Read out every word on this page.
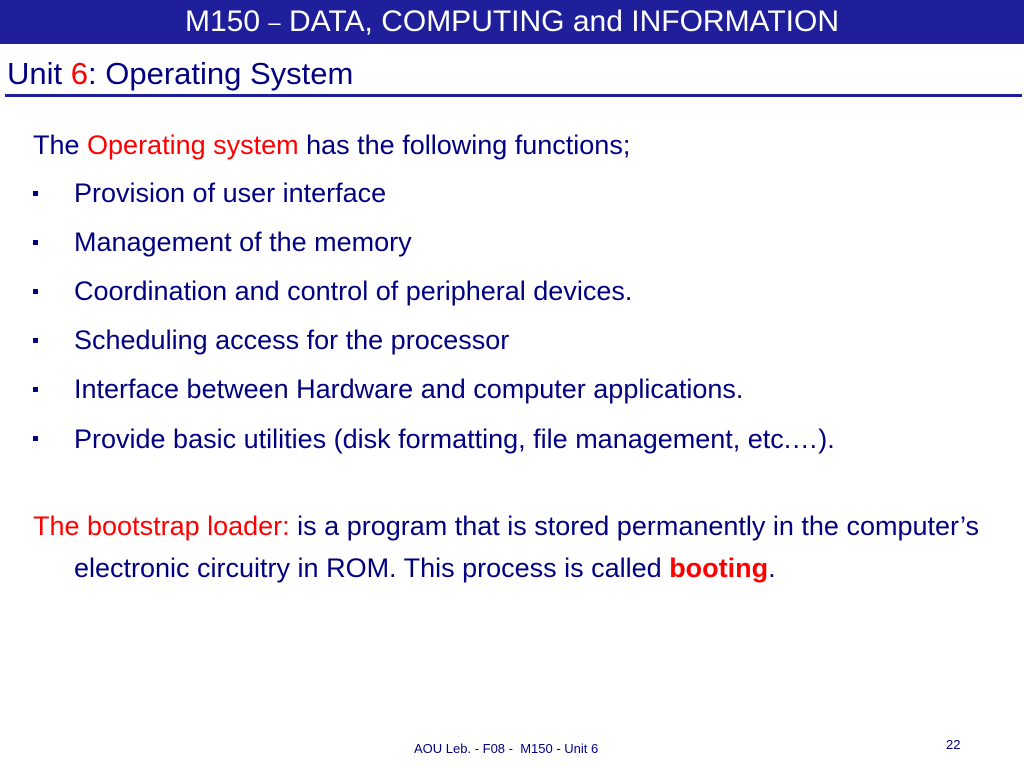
M150 – DATA, COMPUTING and INFORMATION
Unit 6: Operating System

The Operating system has the following functions;

Provision of user interface
Management of the memory
Coordination and control of peripheral devices.
Scheduling access for the processor
Interface between Hardware and computer applications.
Provide basic utilities (disk formatting, file management, etc.…).

The bootstrap loader: is a program that is stored permanently in the computer’s electronic circuitry in ROM. This process is called booting.

AOU Leb. - F08 -  M150 - Unit 6	22
